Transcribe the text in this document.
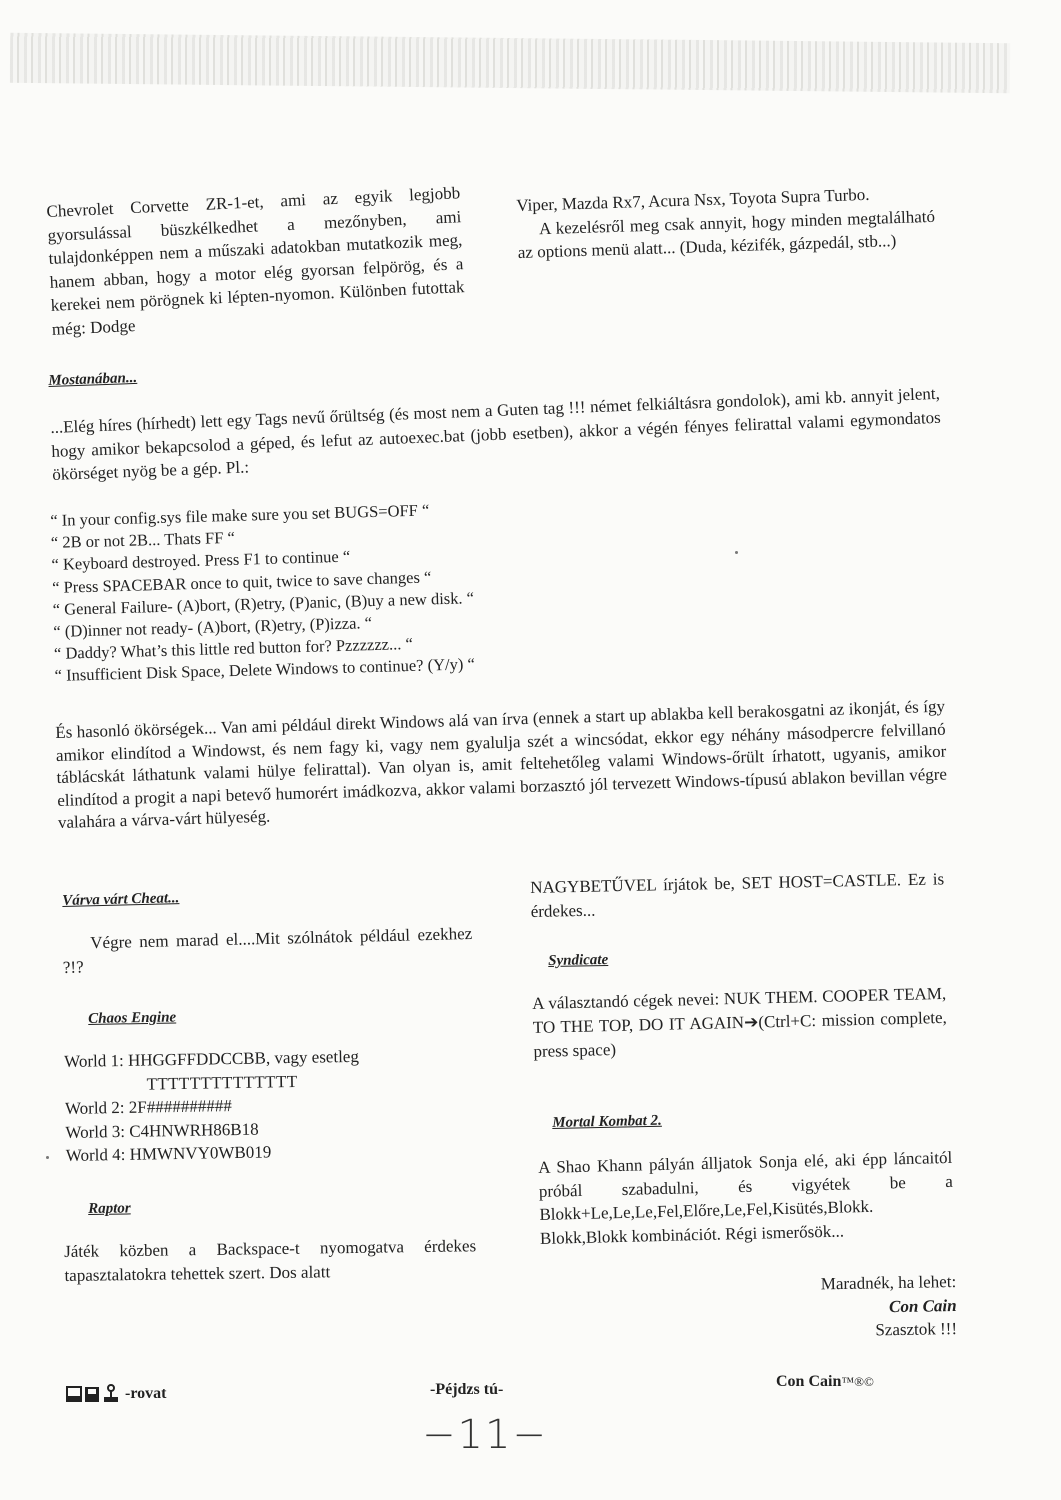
Chevrolet Corvette ZR-1-et, ami az egyik legjobb gyorsulással büszkélkedhet a mezőnyben, ami tulajdonképpen nem a műszaki adatokban mutatkozik meg, hanem abban, hogy a motor elég gyorsan felpörög, és a kerekei nem pörögnek ki lépten-nyomon. Különben futottak még: Dodge

Viper, Mazda Rx7, Acura Nsx, Toyota Supra Turbo.

A kezelésről meg csak annyit, hogy minden megtalálható az options menü alatt... (Duda, kézifék, gázpedál, stb...)

Mostanában...

...Elég híres (hírhedt) lett egy Tags nevű őrültség (és most nem a Guten tag !!! német felkiáltásra gondolok), ami kb. annyit jelent, hogy amikor bekapcsolod a géped, és lefut az autoexec.bat (jobb esetben), akkor a végén fényes felirattal valami egymondatos ökörséget nyög be a gép. Pl.:

“ In your config.sys file make sure you set BUGS=OFF “

“ 2B or not 2B... Thats FF “

“ Keyboard destroyed. Press F1 to continue “

“ Press SPACEBAR once to quit, twice to save changes “

“ General Failure- (A)bort, (R)etry, (P)anic, (B)uy a new disk. “

“ (D)inner not ready- (A)bort, (R)etry, (P)izza. “

“ Daddy? What’s this little red button for? Pzzzzzz... “

“ Insufficient Disk Space, Delete Windows to continue? (Y/y) “

És hasonló ökörségek... Van ami például direkt Windows alá van írva (ennek a start up ablakba kell berakosgatni az ikonját, és így amikor elindítod a Windowst, és nem fagy ki, vagy nem gyalulja szét a wincsódat, ekkor egy néhány másodpercre felvillanó táblácskát láthatunk valami hülye felirattal). Van olyan is, amit feltehetőleg valami Windows-őrült írhatott, ugyanis, amikor elindítod a progit a napi betevő humorért imádkozva, akkor valami borzasztó jól tervezett Windows-típusú ablakon bevillan végre valahára a várva-várt hülyeség.

Várva várt Cheat...

Végre nem marad el....Mit szólnátok például ezekhez ?!?

Chaos Engine

World 1: HHGGFFDDCCBB, vagy esetleg

TTTTTTTTTTTTTT

World 2: 2F##########

World 3: C4HNWRH86B18

World 4: HMWNVY0WB019

Raptor

Játék közben a Backspace-t nyomogatva érdekes tapasztalatokra tehettek szert. Dos alatt

NAGYBETŰVEL írjátok be, SET HOST=CASTLE. Ez is érdekes...

Syndicate

A választandó cégek nevei: NUK THEM. COOPER TEAM, TO THE TOP, DO IT AGAIN➔(Ctrl+C: mission complete, press space)

Mortal Kombat 2.

A Shao Khann pályán álljatok Sonja elé, aki épp láncaitól próbál szabadulni, és vigyétek be a Blokk+Le,Le,Le,Fel,Előre,Le,Fel,Kisütés,Blokk. Blokk,Blokk kombinációt. Régi ismerősök...

Maradnék, ha lehet:

Con Cain

Szasztok !!!

-rovat	-Péjdzs tú-	Con Cain™®©
−11−
